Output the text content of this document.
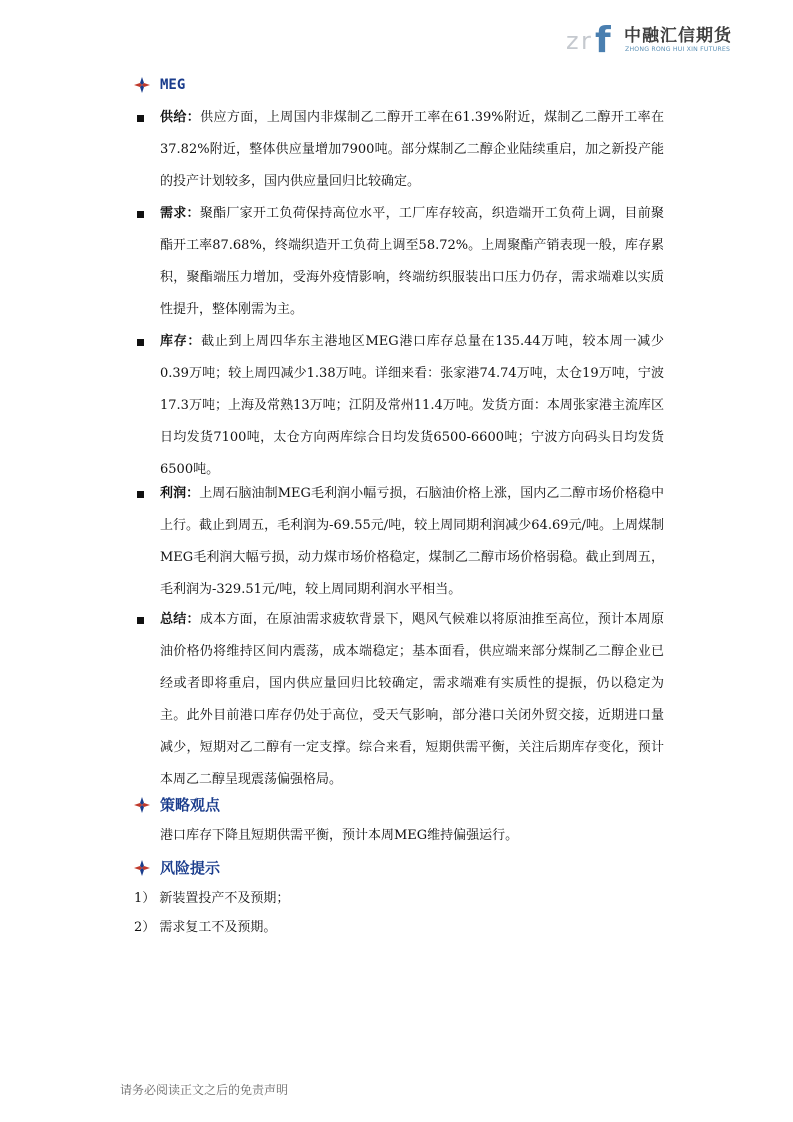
z r f 中融汇信期货
ZHONG RONG HUI XIN FUTURES
MEG
供给：供应方面，上周国内非煤制乙二醇开工率在61.39%附近，煤制乙二醇开工率在37.82%附近，整体供应量增加7900吨。部分煤制乙二醇企业陆续重启，加之新投产能的投产计划较多，国内供应量回归比较确定。
需求：聚酯厂家开工负荷保持高位水平，工厂库存较高，织造端开工负荷上调，目前聚酯开工率87.68%，终端织造开工负荷上调至58.72%。上周聚酯产销表现一般，库存累积，聚酯端压力增加，受海外疫情影响，终端纺织服装出口压力仍存，需求端难以实质性提升，整体刚需为主。
库存：截止到上周四华东主港地区MEG港口库存总量在135.44万吨，较本周一减少0.39万吨；较上周四减少1.38万吨。详细来看：张家港74.74万吨，太仓19万吨，宁波17.3万吨；上海及常熟13万吨；江阴及常州11.4万吨。发货方面：本周张家港主流库区日均发货7100吨，太仓方向两库综合日均发货6500-6600吨；宁波方向码头日均发货6500吨。
利润：上周石脑油制MEG毛利润小幅亏损，石脑油价格上涨，国内乙二醇市场价格稳中上行。截止到周五，毛利润为-69.55元/吨，较上周同期利润减少64.69元/吨。上周煤制MEG毛利润大幅亏损，动力煤市场价格稳定，煤制乙二醇市场价格弱稳。截止到周五，毛利润为-329.51元/吨，较上周同期利润水平相当。
总结：成本方面，在原油需求疲软背景下，飓风气候难以将原油推至高位，预计本周原油价格仍将维持区间内震荡，成本端稳定；基本面看，供应端来部分煤制乙二醇企业已经或者即将重启，国内供应量回归比较确定，需求端难有实质性的提振，仍以稳定为主。此外目前港口库存仍处于高位，受天气影响，部分港口关闭外贸交接，近期进口量减少，短期对乙二醇有一定支撑。综合来看，短期供需平衡，关注后期库存变化，预计本周乙二醇呈现震荡偏强格局。
策略观点
港口库存下降且短期供需平衡，预计本周MEG维持偏强运行。
风险提示
1） 新装置投产不及预期；
2） 需求复工不及预期。
请务必阅读正文之后的免责声明
